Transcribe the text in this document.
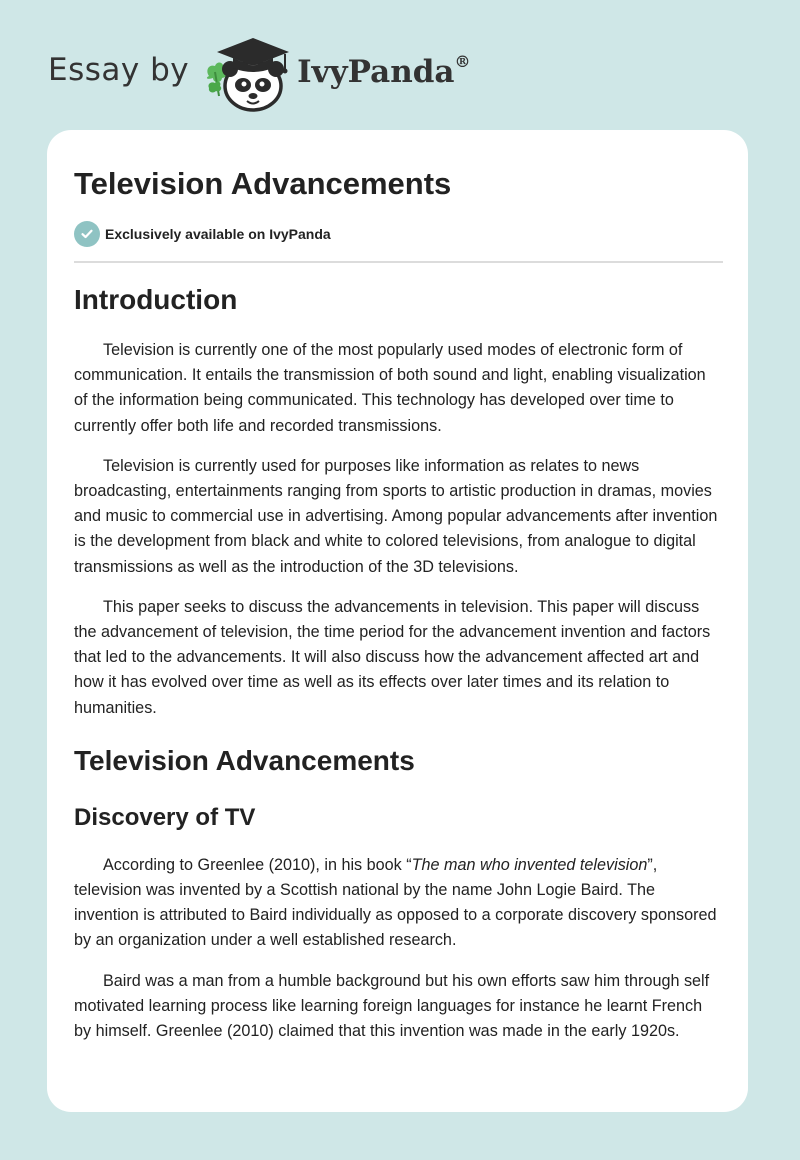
Essay by	IvyPanda®
Television Advancements
Exclusively available on IvyPanda
Introduction

Television is currently one of the most popularly used modes of electronic form of communication. It entails the transmission of both sound and light, enabling visualization of the information being communicated. This technology has developed over time to currently offer both life and recorded transmissions.

Television is currently used for purposes like information as relates to news broadcasting, entertainments ranging from sports to artistic production in dramas, movies and music to commercial use in advertising. Among popular advancements after invention is the development from black and white to colored televisions, from analogue to digital transmissions as well as the introduction of the 3D televisions.

This paper seeks to discuss the advancements in television. This paper will discuss the advancement of television, the time period for the advancement invention and factors that led to the advancements. It will also discuss how the advancement affected art and how it has evolved over time as well as its effects over later times and its relation to humanities.

Television Advancements
Discovery of TV

According to Greenlee (2010), in his book “The man who invented television”, television was invented by a Scottish national by the name John Logie Baird. The invention is attributed to Baird individually as opposed to a corporate discovery sponsored by an organization under a well established research.

Baird was a man from a humble background but his own efforts saw him through self motivated learning process like learning foreign languages for instance he learnt French by himself. Greenlee (2010) claimed that this invention was made in the early 1920s.
